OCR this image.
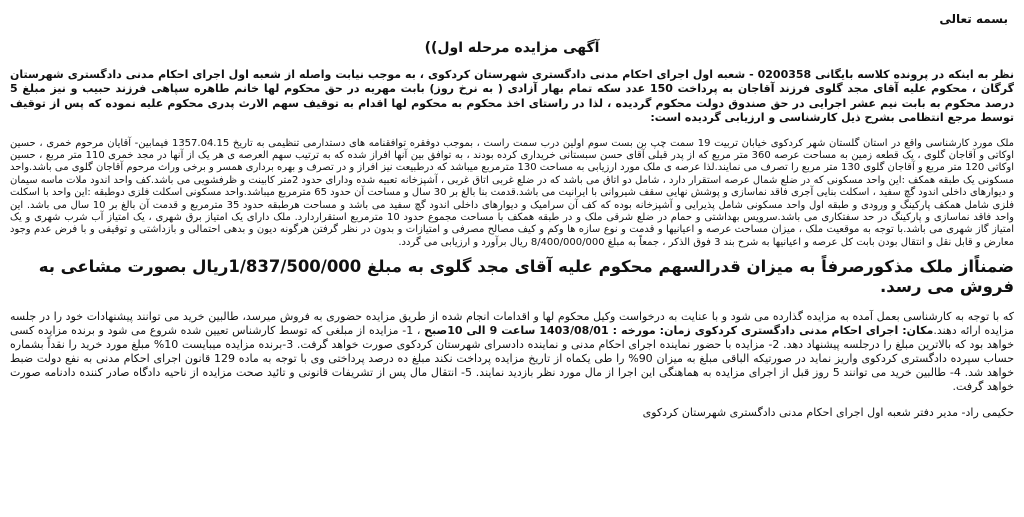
بسمه تعالی
آگهی مزایده مرحله اول))

نظر به اینکه در پرونده کلاسه بایگانی 0200358 - شعبه اول اجرای احکام مدنی دادگستری شهرستان کردکوی ، به موجب نیابت واصله از شعبه اول اجرای احکام مدنی دادگستری شهرستان گرگان ، محکوم علیه آقای مجد گلوی فرزند آقاجان به پرداخت 150 عدد سکه تمام بهار آزادی ( به نرخ روز) بابت مهریه در حق محکوم لها خانم طاهره سپاهی فرزند حبیب و نیز مبلغ 5 درصد محکوم به بابت نیم عشر اجرایی در حق صندوق دولت محکوم گردیده ، لذا در راستای اخذ محکوم به محکوم لها اقدام به توقیف سهم الارث پدری محکوم علیه نموده که پس از توقیف توسط مرجع انتظامی بشرح ذیل کارشناسی و ارزیابی گردیده است:

ملک مورد کارشناسی واقع در استان گلستان شهر کردکوی خیابان تربیت 19 سمت چپ بن بست سوم اولین درب سمت راست ، بموجب دوفقره توافقنامه های دستدارمی تنظیمی به تاریخ 1357.04.15 فیمابین- آقایان مرحوم خمری ، حسین اوکاتی و آقاجان گلوی ، یک قطعه زمین به مساحت عرصه 360 متر مربع که از پدر قبلی آقای حسن سبستانی خریداری کرده بودند ، به توافق بین آنها افراز شده که به ترتیب سهم العرصه ی هر یک از آنها در مجد خمری 110 متر مربع ، حسین اوکاتی 120 متر مربع و آقاجان گلوی 130 متر مربع را تصرف می نمایند.لذا عرصه ی ملک مورد ارزیابی به مساحت 130 مترمربع میباشد که درطبیعت نیز افراز و در تصرف و بهره برداری همسر و برخی وراث مرحوم آقاجان گلوی می باشد.واحد مسکونی یک طبقه همکف :این واحد مسکونی که در ضلع شمال عرصه استقرار دارد ، شامل دو اتاق می باشد که در ضلع غربی اتاق غربی ، آشپزخانه تعبیه شده ودارای حدود 2متر کابینت و ظرفشویی می باشد.کف واحد اندود ملات ماسه سیمان و دیوارهای داخلی اندود گچ سفید ، اسکلت بنایی آجری فاقد نماسازی و پوشش نهایی سقف شیروانی با ایرانیت می باشد.قدمت بنا بالغ بر 30 سال و مساحت آن حدود 65 مترمربع میباشد.واحد مسکونی اسکلت فلزی دوطبقه :این واحد با اسکلت فلزی شامل همکف پارکینگ و ورودی و طبقه اول واحد مسکونی شامل پذیرایی و آشپزخانه بوده که کف آن سرامیک و دیوارهای داخلی اندود گچ سفید می باشد و مساحت هرطبقه حدود 35 مترمربع و قدمت آن بالغ بر 10 سال می باشد. این واحد فاقد نماسازی و پارکینگ در حد سفتکاری می باشد.سرویس بهداشتی و حمام در ضلع شرقی ملک و در طبقه همکف با مساحت مجموع حدود 10 مترمربع استقراردارد. ملک دارای یک امتیاز برق شهری ، یک امتیاز آب شرب شهری و یک امتیاز گاز شهری می باشد.با توجه به موقعیت ملک ، میزان مساحت عرصه و اعیانیها و قدمت و نوع سازه ها وکم و کیف مصالح مصرفی و امتیازات و بدون در نظر گرفتن هرگونه دیون و بدهی احتمالی و بازداشتی و توقیفی و با فرض عدم وجود معارض و قابل نقل و انتقال بودن بابت کل عرصه و اعیانیها به شرح بند 3 فوق الذکر ، جمعاً به مبلغ 8/400/000/000 ریال برآورد و ارزیابی می گردد.

ضمناًاز ملک مذکورصرفاً به میزان قدرالسهم محکوم علیه آقای مجد گلوی به مبلغ 1/837/500/000ریال بصورت مشاعی به فروش می رسد.

که با توجه به کارشناسی بعمل آمده به مزایده گذارده می شود و با عنایت به درخواست وکیل محکوم لها و اقدامات انجام شده از طریق مزایده حضوری به فروش میرسد، طالبین خرید می توانند پیشنهادات خود را در جلسه مزایده ارائه دهند.مکان: اجرای احکام مدنی دادگستری کردکوی زمان: مورخه : 1403/08/01 ساعت 9 الی 10صبح ، 1- مزایده از مبلغی که توسط کارشناس تعیین شده شروع می شود و برنده مزایده کسی خواهد بود که بالاترین مبلغ را درجلسه پیشنهاد دهد. 2- مزایده با حضور نماینده اجرای احکام مدنی و نماینده دادسرای شهرستان کردکوی صورت خواهد گرفت. 3-برنده مزایده میبایست 10% مبلغ مورد خرید را نقداً بشماره حساب سپرده دادگستری کردکوی واریز نماید در صورتیکه الباقی مبلغ به میزان 90% را طی یکماه از تاریخ مزایده پرداخت نکند مبلغ ده درصد پرداختی وی با توجه به ماده 129 قانون اجرای احکام مدنی به نفع دولت ضبط خواهد شد. 4- طالبین خرید می توانند 5 روز قبل از اجرای مزایده به هماهنگی این اجرا از مال مورد نظر بازدید نمایند. 5- انتقال مال پس از تشریفات قانونی و تائید صحت مزایده از ناحیه دادگاه صادر کننده دادنامه صورت خواهد گرفت.

حکیمی راد- مدیر دفتر شعبه اول اجرای احکام مدنی دادگستری شهرستان کردکوی
